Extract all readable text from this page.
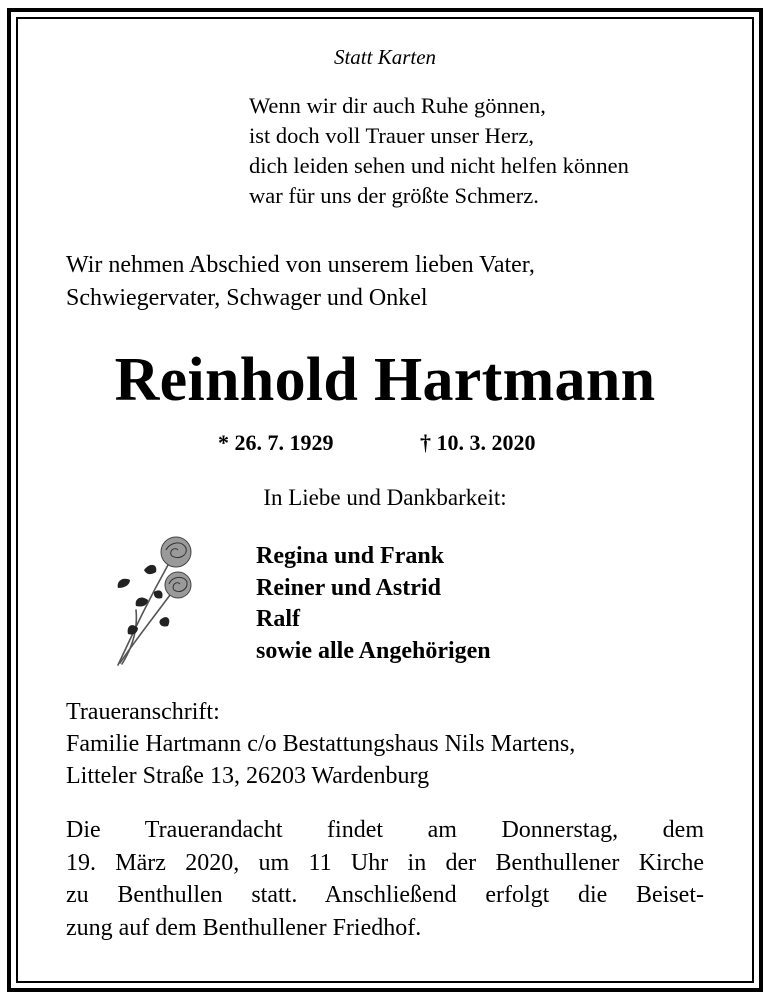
Statt Karten
Wenn wir dir auch Ruhe gönnen,
ist doch voll Trauer unser Herz,
dich leiden sehen und nicht helfen können
war für uns der größte Schmerz.
Wir nehmen Abschied von unserem lieben Vater,
Schwiegervater, Schwager und Onkel
Reinhold Hartmann
* 26. 7. 1929	† 10. 3. 2020
In Liebe und Dankbarkeit:
Regina und Frank
Reiner und Astrid
Ralf
sowie alle Angehörigen
Traueranschrift:
Familie Hartmann c/o Bestattungshaus Nils Martens,
Litteler Straße 13, 26203 Wardenburg
Die Trauerandacht findet am Donnerstag, dem
19. März 2020, um 11 Uhr in der Benthullener Kirche
zu Benthullen statt. Anschließend erfolgt die Beiset-
zung auf dem Benthullener Friedhof.
